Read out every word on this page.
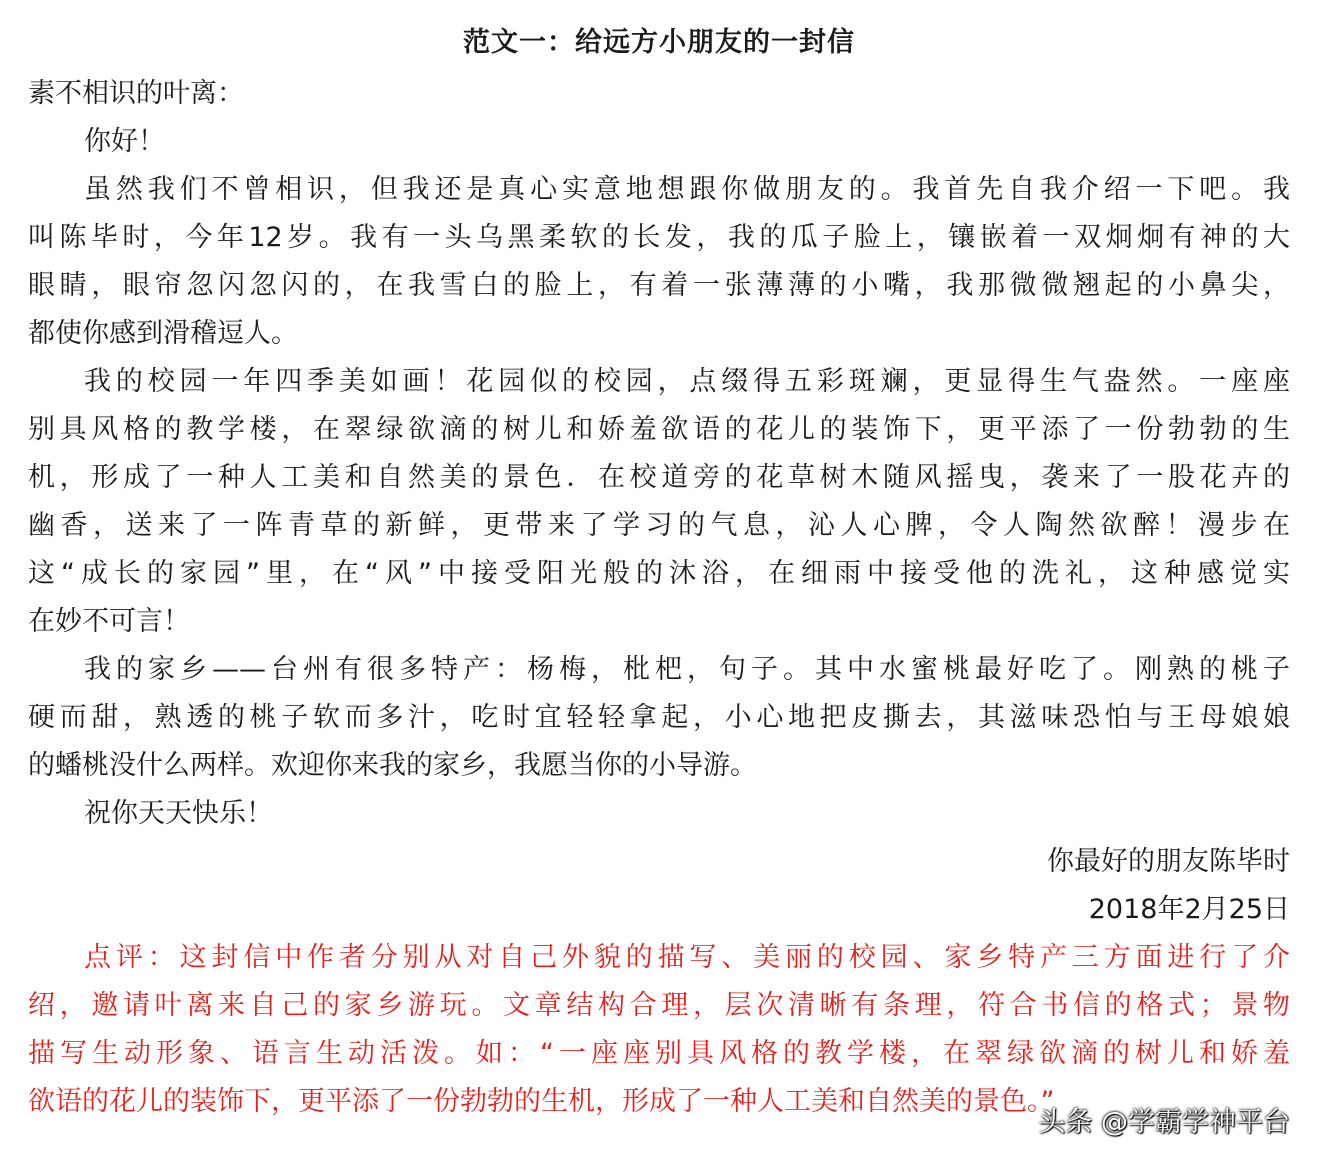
范文一：给远方小朋友的一封信
素不相识的叶离：
你好！
虽然我们不曾相识，但我还是真心实意地想跟你做朋友的。我首先自我介绍一下吧。我
叫陈毕时，今年12岁。我有一头乌黑柔软的长发，我的瓜子脸上，镶嵌着一双炯炯有神的大
眼睛，眼帘忽闪忽闪的，在我雪白的脸上，有着一张薄薄的小嘴，我那微微翘起的小鼻尖，
都使你感到滑稽逗人。
我的校园一年四季美如画！花园似的校园，点缀得五彩斑斓，更显得生气盎然。一座座
别具风格的教学楼，在翠绿欲滴的树儿和娇羞欲语的花儿的装饰下，更平添了一份勃勃的生
机，形成了一种人工美和自然美的景色．在校道旁的花草树木随风摇曳，袭来了一股花卉的
幽香，送来了一阵青草的新鲜，更带来了学习的气息，沁人心脾，令人陶然欲醉！漫步在
这“成长的家园”里，在“风”中接受阳光般的沐浴，在细雨中接受他的洗礼，这种感觉实
在妙不可言！
我的家乡——台州有很多特产：杨梅，枇杷，句子。其中水蜜桃最好吃了。刚熟的桃子
硬而甜，熟透的桃子软而多汁，吃时宜轻轻拿起，小心地把皮撕去，其滋味恐怕与王母娘娘
的蟠桃没什么两样。欢迎你来我的家乡，我愿当你的小导游。
祝你天天快乐！
你最好的朋友陈毕时
2018年2月25日
点评：这封信中作者分别从对自己外貌的描写、美丽的校园、家乡特产三方面进行了介
绍，邀请叶离来自己的家乡游玩。文章结构合理，层次清晰有条理，符合书信的格式；景物
描写生动形象、语言生动活泼。如：“一座座别具风格的教学楼，在翠绿欲滴的树儿和娇羞
欲语的花儿的装饰下，更平添了一份勃勃的生机，形成了一种人工美和自然美的景色。”
头条 @学霸学神平台
